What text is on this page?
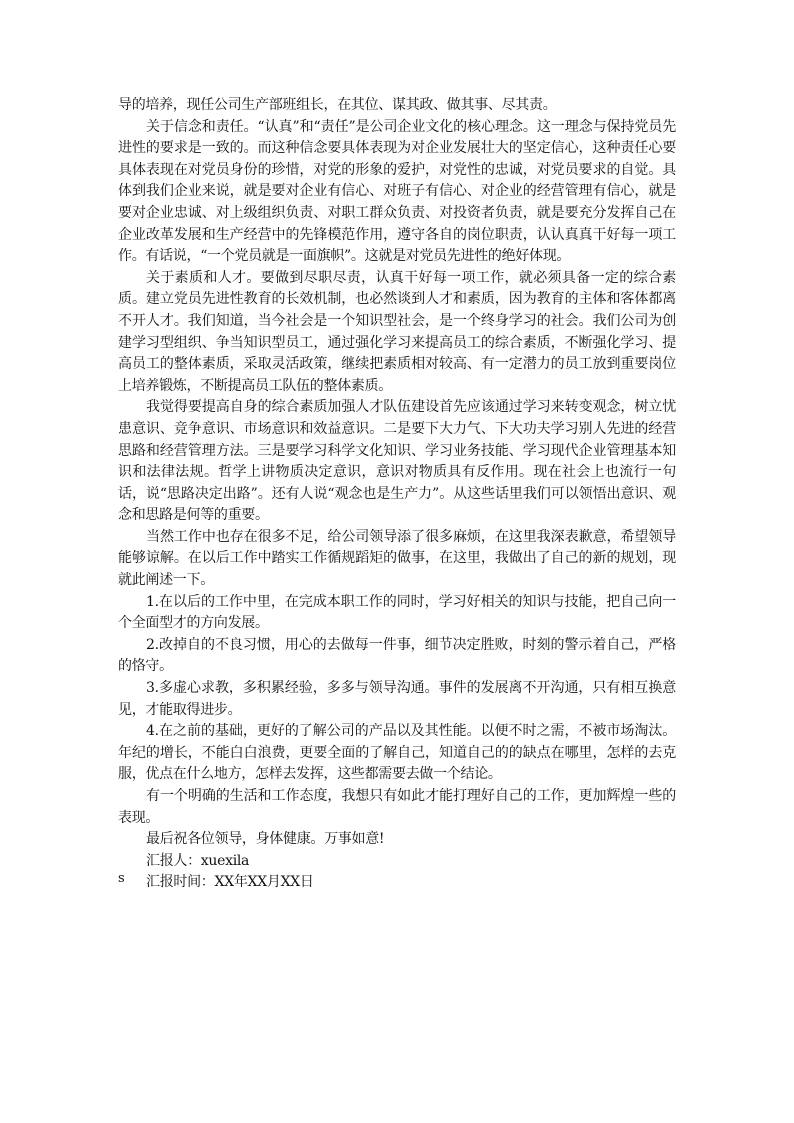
导的培养，现任公司生产部班组长，在其位、谋其政、做其事、尽其责。

关于信念和责任。“认真”和“责任”是公司企业文化的核心理念。这一理念与保持党员先进性的要求是一致的。而这种信念要具体表现为对企业发展壮大的坚定信心，这种责任心要具体表现在对党员身份的珍惜，对党的形象的爱护，对党性的忠诚，对党员要求的自觉。具体到我们企业来说，就是要对企业有信心、对班子有信心、对企业的经营管理有信心，就是要对企业忠诚、对上级组织负责、对职工群众负责、对投资者负责，就是要充分发挥自己在企业改革发展和生产经营中的先锋模范作用，遵守各自的岗位职责，认认真真干好每一项工作。有话说，“一个党员就是一面旗帜”。这就是对党员先进性的绝好体现。

关于素质和人才。要做到尽职尽责，认真干好每一项工作，就必须具备一定的综合素质。建立党员先进性教育的长效机制，也必然谈到人才和素质，因为教育的主体和客体都离不开人才。我们知道，当今社会是一个知识型社会，是一个终身学习的社会。我们公司为创建学习型组织、争当知识型员工，通过强化学习来提高员工的综合素质，不断强化学习、提高员工的整体素质，采取灵活政策，继续把素质相对较高、有一定潜力的员工放到重要岗位上培养锻炼，不断提高员工队伍的整体素质。

我觉得要提高自身的综合素质加强人才队伍建设首先应该通过学习来转变观念，树立忧患意识、竞争意识、市场意识和效益意识。二是要下大力气、下大功夫学习别人先进的经营思路和经营管理方法。三是要学习科学文化知识、学习业务技能、学习现代企业管理基本知识和法律法规。哲学上讲物质决定意识，意识对物质具有反作用。现在社会上也流行一句话，说“思路决定出路”。还有人说“观念也是生产力”。从这些话里我们可以领悟出意识、观念和思路是何等的重要。

当然工作中也存在很多不足，给公司领导添了很多麻烦，在这里我深表歉意，希望领导能够谅解。在以后工作中踏实工作循规蹈矩的做事，在这里，我做出了自己的新的规划，现就此阐述一下。

1.在以后的工作中里，在完成本职工作的同时，学习好相关的知识与技能，把自己向一个全面型才的方向发展。

2.改掉自的不良习惯，用心的去做每一件事，细节决定胜败，时刻的警示着自己，严格的恪守。

3.多虚心求教，多积累经验，多多与领导沟通。事件的发展离不开沟通，只有相互换意见，才能取得进步。

4.在之前的基础，更好的了解公司的产品以及其性能。以便不时之需，不被市场淘汰。年纪的增长，不能白白浪费，更要全面的了解自己，知道自己的的缺点在哪里，怎样的去克服，优点在什么地方，怎样去发挥，这些都需要去做一个结论。

有一个明确的生活和工作态度，我想只有如此才能打理好自己的工作，更加辉煌一些的表现。

最后祝各位领导，身体健康。万事如意!

汇报人：xuexila

汇报时间：XX年XX月XX日

s
